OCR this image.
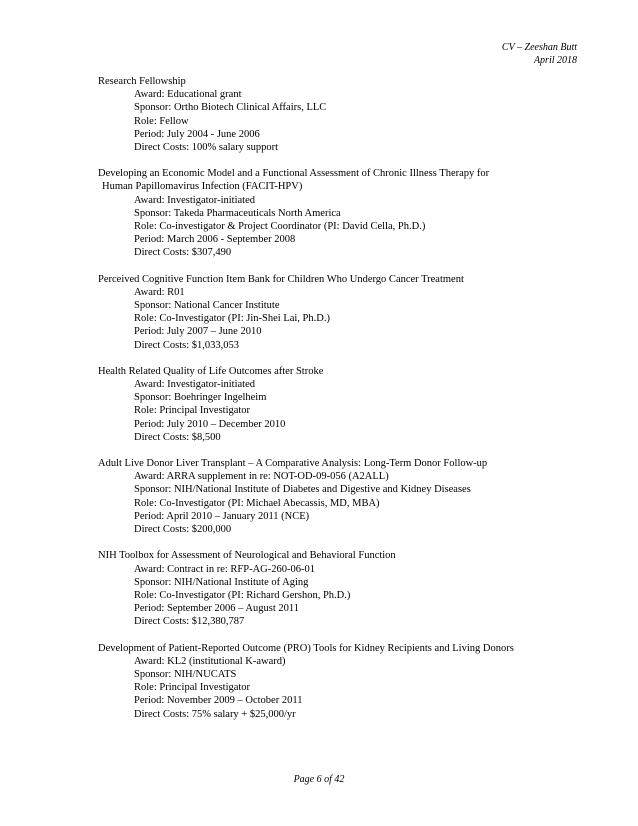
CV – Zeeshan Butt
April 2018

Research Fellowship

Award: Educational grant

Sponsor: Ortho Biotech Clinical Affairs, LLC

Role: Fellow

Period: July 2004 - June 2006

Direct Costs: 100% salary support

Developing an Economic Model and a Functional Assessment of Chronic Illness Therapy for
Human Papillomavirus Infection (FACIT-HPV)

Award: Investigator-initiated

Sponsor: Takeda Pharmaceuticals North America

Role: Co-investigator & Project Coordinator (PI: David Cella, Ph.D.)

Period: March 2006 - September 2008

Direct Costs: $307,490

Perceived Cognitive Function Item Bank for Children Who Undergo Cancer Treatment

Award: R01

Sponsor: National Cancer Institute

Role: Co-Investigator (PI: Jin-Shei Lai, Ph.D.)

Period: July 2007 – June 2010

Direct Costs: $1,033,053

Health Related Quality of Life Outcomes after Stroke

Award: Investigator-initiated

Sponsor: Boehringer Ingelheim

Role: Principal Investigator

Period: July 2010 – December 2010

Direct Costs: $8,500

Adult Live Donor Liver Transplant – A Comparative Analysis: Long-Term Donor Follow-up

Award: ARRA supplement in re: NOT-OD-09-056 (A2ALL)

Sponsor: NIH/National Institute of Diabetes and Digestive and Kidney Diseases

Role: Co-Investigator (PI: Michael Abecassis, MD, MBA)

Period: April 2010 – January 2011 (NCE)

Direct Costs: $200,000

NIH Toolbox for Assessment of Neurological and Behavioral Function

Award: Contract in re: RFP-AG-260-06-01

Sponsor: NIH/National Institute of Aging

Role: Co-Investigator (PI: Richard Gershon, Ph.D.)

Period: September 2006 – August 2011

Direct Costs: $12,380,787

Development of Patient-Reported Outcome (PRO) Tools for Kidney Recipients and Living Donors

Award: KL2 (institutional K-award)

Sponsor: NIH/NUCATS

Role: Principal Investigator

Period: November 2009 – October 2011

Direct Costs: 75% salary + $25,000/yr

Page 6 of 42
